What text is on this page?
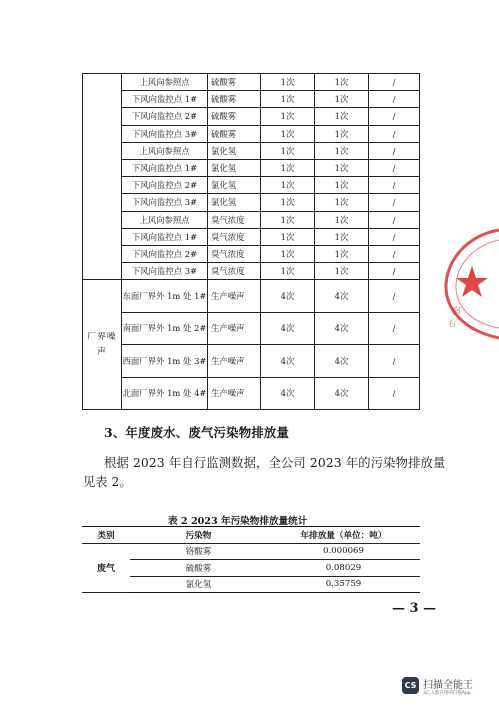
	上风向参照点	硫酸雾	1次	1次	/
	下风向监控点 1#	硫酸雾	1次	1次	/
	下风向监控点 2#	硫酸雾	1次	1次	/
	下风向监控点 3#	硫酸雾	1次	1次	/
	上风向参照点	氯化氢	1次	1次	/
	下风向监控点 1#	氯化氢	1次	1次	/
	下风向监控点 2#	氯化氢	1次	1次	/
	下风向监控点 3#	氯化氢	1次	1次	/
	上风向参照点	臭气浓度	1次	1次	/
	下风向监控点 1#	臭气浓度	1次	1次	/
	下风向监控点 2#	臭气浓度	1次	1次	/
	下风向监控点 3#	臭气浓度	1次	1次	/
厂界噪声	东面厂界外 1m 处 1#	生产噪声	4次	4次	/
	南面厂界外 1m 处 2#	生产噪声	4次	4次	/
	西面厂界外 1m 处 3#	生产噪声	4次	4次	/
	北面厂界外 1m 处 4#	生产噪声	4次	4次	/
3、年度废水、废气污染物排放量
根据 2023 年自行监测数据，全公司 2023 年的污染物排放量
见表 2。
表 2 2023 年污染物排放量统计
类别	污染物	年排放量（单位：吨）
废气	铬酸雾	0.000069
	硫酸雾	0.08029
	氯化氢	0.35759
— 3 —
宿
右
CS 扫描全能王
3亿人都在用的扫描App
